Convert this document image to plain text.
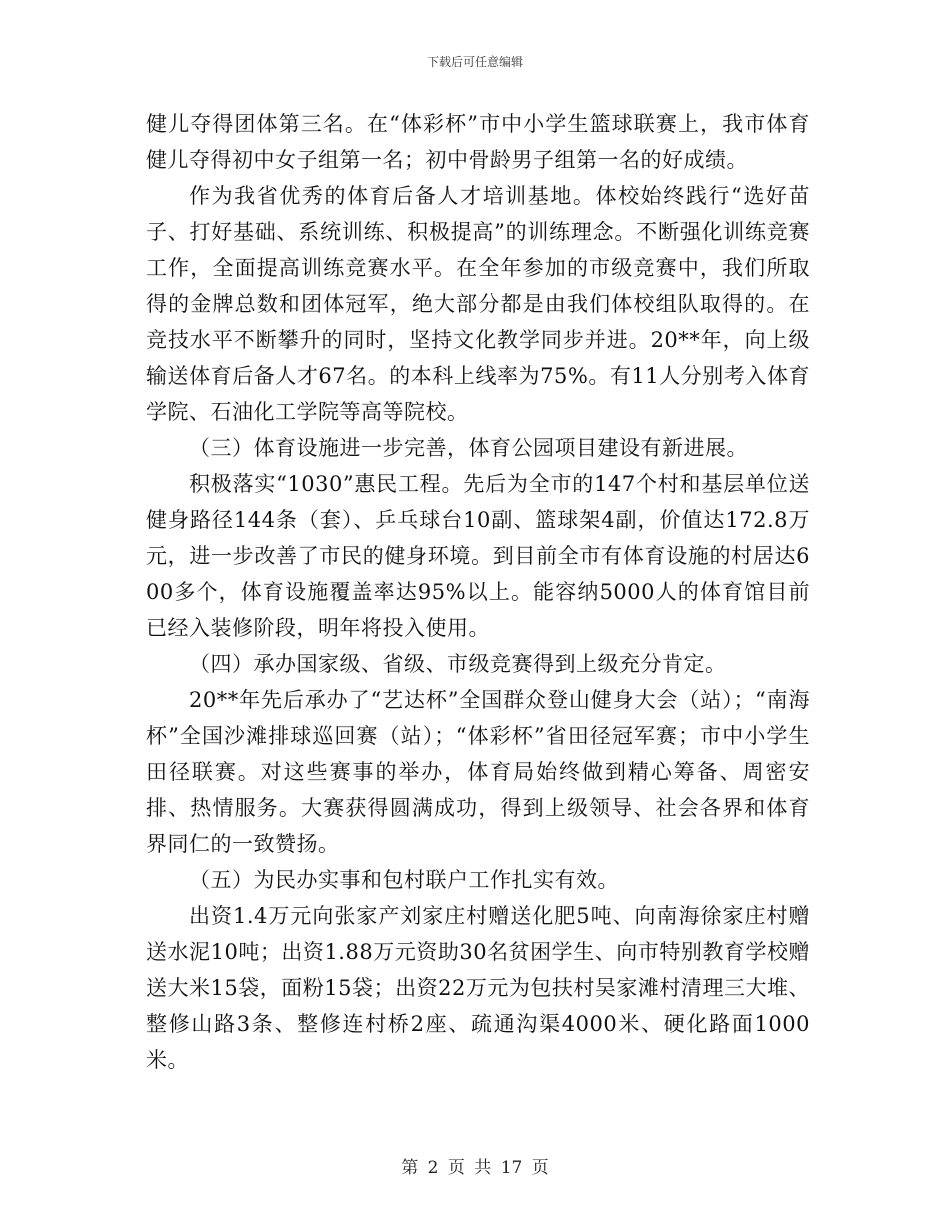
下载后可任意编辑

健儿夺得团体第三名。在“体彩杯”市中小学生篮球联赛上，我市体育健儿夺得初中女子组第一名；初中骨龄男子组第一名的好成绩。

作为我省优秀的体育后备人才培训基地。体校始终践行“选好苗子、打好基础、系统训练、积极提高”的训练理念。不断强化训练竞赛工作，全面提高训练竞赛水平。在全年参加的市级竞赛中，我们所取得的金牌总数和团体冠军，绝大部分都是由我们体校组队取得的。在竞技水平不断攀升的同时，坚持文化教学同步并进。20**年，向上级输送体育后备人才67名。的本科上线率为75%。有11人分别考入体育学院、石油化工学院等高等院校。

（三）体育设施进一步完善，体育公园项目建设有新进展。

积极落实“1030”惠民工程。先后为全市的147个村和基层单位送健身路径144条（套）、乒乓球台10副、篮球架4副，价值达172.8万元，进一步改善了市民的健身环境。到目前全市有体育设施的村居达600多个，体育设施覆盖率达95%以上。能容纳5000人的体育馆目前已经入装修阶段，明年将投入使用。

（四）承办国家级、省级、市级竞赛得到上级充分肯定。

20**年先后承办了“艺达杯”全国群众登山健身大会（站）；“南海杯”全国沙滩排球巡回赛（站）；“体彩杯”省田径冠军赛；市中小学生田径联赛。对这些赛事的举办，体育局始终做到精心筹备、周密安排、热情服务。大赛获得圆满成功，得到上级领导、社会各界和体育界同仁的一致赞扬。

（五）为民办实事和包村联户工作扎实有效。

出资1.4万元向张家产刘家庄村赠送化肥5吨、向南海徐家庄村赠送水泥10吨；出资1.88万元资助30名贫困学生、向市特别教育学校赠送大米15袋，面粉15袋；出资22万元为包扶村吴家滩村清理三大堆、整修山路3条、整修连村桥2座、疏通沟渠4000米、硬化路面1000米。

第 2 页 共 17 页
